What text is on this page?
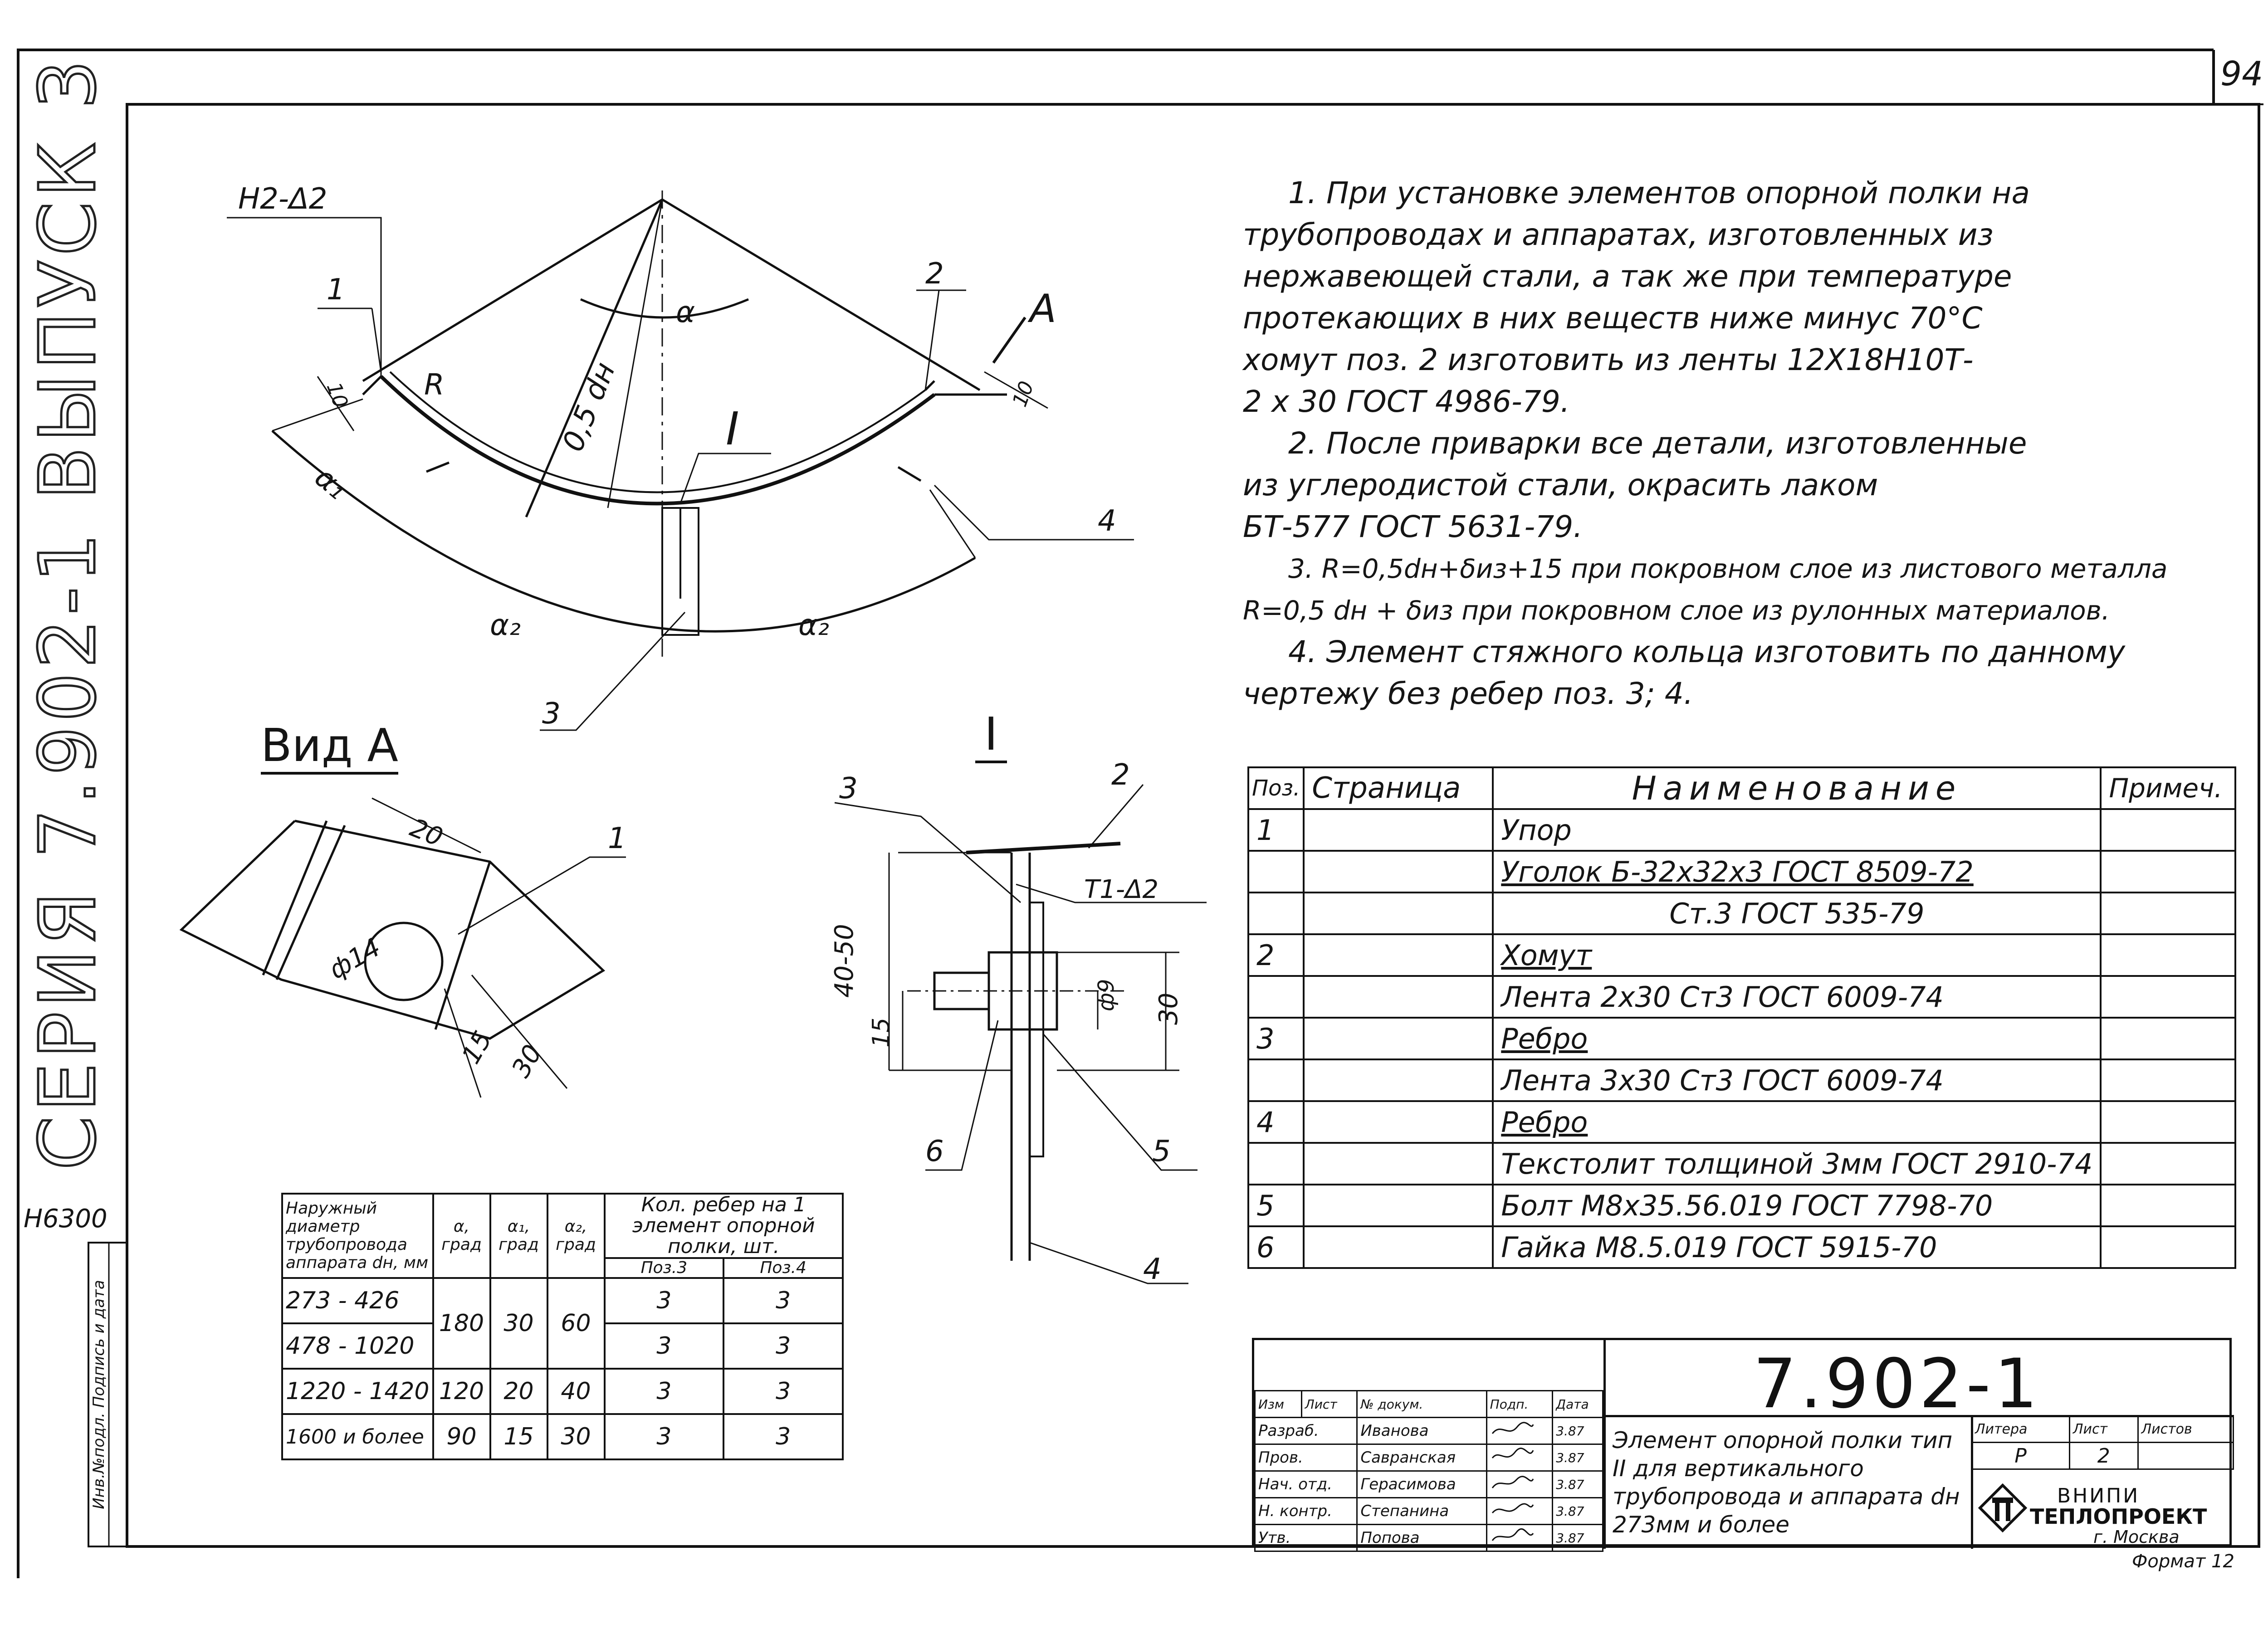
94
СЕРИЯ 7.902-1 ВЫПУСК 3
H6300
Инв.№подл. Подпись и дата
H2-Δ2
1	2
4
3
A
R	0,5 dн
α
α₁
α₂	α₂
10	10
I
Вид А
20
ф14
15 30
1
I
3	2
T1-Δ2
40-50
15
ф9 30
6	5
4
1. При установке элементов опорной полки на
трубопроводах и аппаратах, изготовленных из
нержавеющей стали, а так же при температуре
протекающих в них веществ ниже минус 70°С
хомут поз. 2 изготовить из ленты 12Х18Н10Т-
2 х 30 ГОСТ 4986-79.
2. После приварки все детали, изготовленные
из углеродистой стали, окрасить лаком
БТ-577 ГОСТ 5631-79.
3. R=0,5dн+δиз+15 при покровном слое из листового металла
R=0,5 dн + δиз при покровном слое из рулонных материалов.
4. Элемент стяжного кольца изготовить по данному
чертежу без ребер поз. 3; 4.
Поз.	Страница	Наименование	Примеч.
1		Упор	
		Уголок Б-32х32х3 ГОСТ 8509-72	
		Ст.3 ГОСТ 535-79	
2		Хомут	
		Лента 2х30 Ст3 ГОСТ 6009-74	
3		Ребро	
		Лента 3х30 Ст3 ГОСТ 6009-74	
4		Ребро	
		Текстолит толщиной 3мм ГОСТ 2910-74	
5		Болт М8х35.56.019 ГОСТ 7798-70	
6		Гайка М8.5.019 ГОСТ 5915-70	
Наружный диаметр трубопровода аппарата dн, мм	α, град	α₁, град	α₂, град	Кол. ребер на 1 элемент опорной полки, шт.	
				Поз.3	Поз.4
273 - 426	180	30	60	3	3
478 - 1020				3	3
1220 - 1420	120	20	40	3	3
1600 и более	90	15	30	3	3
Изм	Лист	№ докум.	Подп.	Дата
Разраб.		Иванова		3.87
Пров.		Савранская		3.87
Нач. отд.		Герасимова		3.87
Н. контр.		Степанина		3.87
Утв.		Попова		3.87
7.902-1
Элемент опорной полки тип II для вертикального трубопровода и аппарата dн 273мм и более
Литера	Лист	Листов
Р	2	
ВНИПИ
ТЕПЛОПРОЕКТ
г. Москва
Формат 12
